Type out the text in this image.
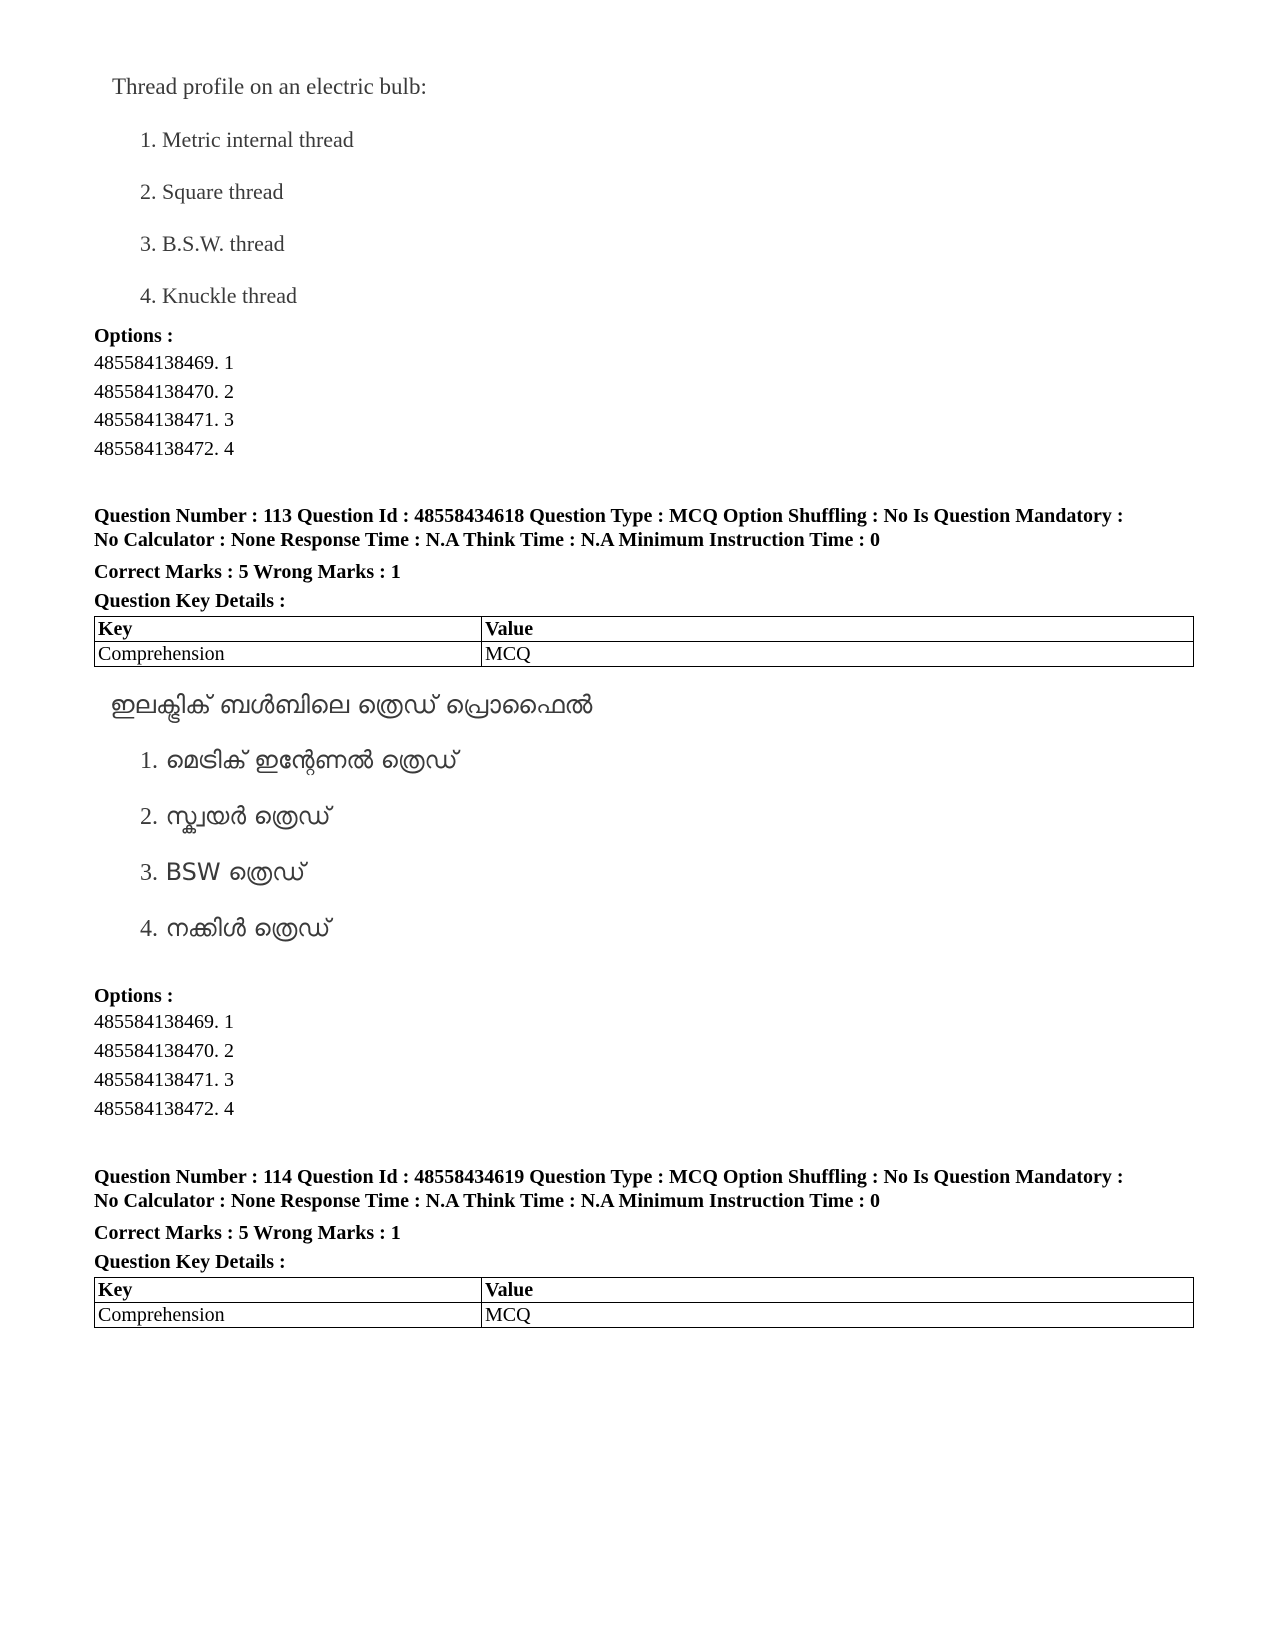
Thread profile on an electric bulb:
1. Metric internal thread
2. Square thread
3. B.S.W. thread
4. Knuckle thread
Options :
485584138469. 1
485584138470. 2
485584138471. 3
485584138472. 4
Question Number : 113 Question Id : 48558434618 Question Type : MCQ Option Shuffling : No Is Question Mandatory :
No Calculator : None Response Time : N.A Think Time : N.A Minimum Instruction Time : 0
Correct Marks : 5 Wrong Marks : 1
Question Key Details :
Key	Value
Comprehension	MCQ
ഇലക്ട്രിക് ബൾബിലെ ത്രെഡ് പ്രൊഫൈൽ
1. മെട്രിക് ഇന്റേണൽ ത്രെഡ്
2. സ്ക്വയർ ത്രെഡ്
3. BSW ത്രെഡ്
4. നക്കിൾ ത്രെഡ്
Options :
485584138469. 1
485584138470. 2
485584138471. 3
485584138472. 4
Question Number : 114 Question Id : 48558434619 Question Type : MCQ Option Shuffling : No Is Question Mandatory :
No Calculator : None Response Time : N.A Think Time : N.A Minimum Instruction Time : 0
Correct Marks : 5 Wrong Marks : 1
Question Key Details :
Key	Value
Comprehension	MCQ
